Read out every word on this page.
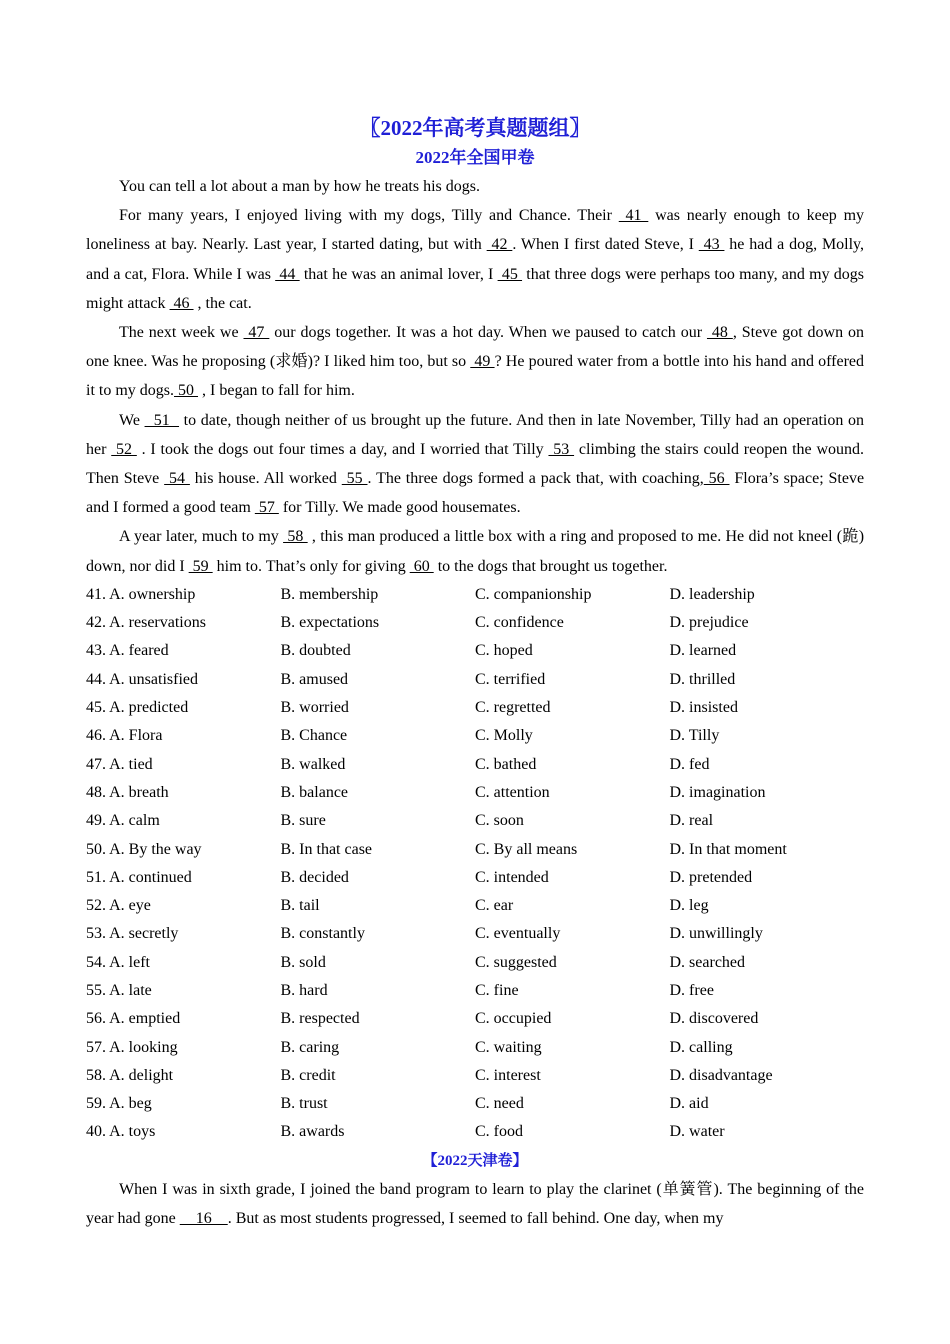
〖2022年高考真题题组〗
2022年全国甲卷

You can tell a lot about a man by how he treats his dogs.

For many years, I enjoyed living with my dogs, Tilly and Chance. Their  41  was nearly enough to keep my loneliness at bay. Nearly. Last year, I started dating, but with  42 . When I first dated Steve, I  43  he had a dog, Molly, and a cat, Flora. While I was  44  that he was an animal lover, I  45  that three dogs were perhaps too many, and my dogs might attack  46  , the cat.

The next week we  47  our dogs together. It was a hot day. When we paused to catch our  48 , Steve got down on one knee. Was he proposing (求婚)? I liked him too, but so  49 ? He poured water from a bottle into his hand and offered it to my dogs. 50  , I began to fall for him.

We   51   to date, though neither of us brought up the future. And then in late November, Tilly had an operation on her  52  . I took the dogs out four times a day, and I worried that Tilly  53  climbing the stairs could reopen the wound. Then Steve  54  his house. All worked  55 . The three dogs formed a pack that, with coaching, 56  Flora’s space; Steve and I formed a good team  57  for Tilly. We made good housemates.

A year later, much to my  58  , this man produced a little box with a ring and proposed to me. He did not kneel (跪) down, nor did I  59  him to. That’s only for giving  60  to the dogs that brought us together.

41. A. ownership	B. membership	C. companionship	D. leadership
42. A. reservations	B. expectations	C. confidence	D. prejudice
43. A. feared	B. doubted	C. hoped	D. learned
44. A. unsatisfied	B. amused	C. terrified	D. thrilled
45. A. predicted	B. worried	C. regretted	D. insisted
46. A. Flora	B. Chance	C. Molly	D. Tilly
47. A. tied	B. walked	C. bathed	D. fed
48. A. breath	B. balance	C. attention	D. imagination
49. A. calm	B. sure	C. soon	D. real
50. A. By the way	B. In that case	C. By all means	D. In that moment
51. A. continued	B. decided	C. intended	D. pretended
52. A. eye	B. tail	C. ear	D. leg
53. A. secretly	B. constantly	C. eventually	D. unwillingly
54. A. left	B. sold	C. suggested	D. searched
55. A. late	B. hard	C. fine	D. free
56. A. emptied	B. respected	C. occupied	D. discovered
57. A. looking	B. caring	C. waiting	D. calling
58. A. delight	B. credit	C. interest	D. disadvantage
59. A. beg	B. trust	C. need	D. aid
40. A. toys	B. awards	C. food	D. water
【2022天津卷】

When I was in sixth grade, I joined the band program to learn to play the clarinet (单簧管). The beginning of the year had gone     16    . But as most students progressed, I seemed to fall behind. One day, when my
